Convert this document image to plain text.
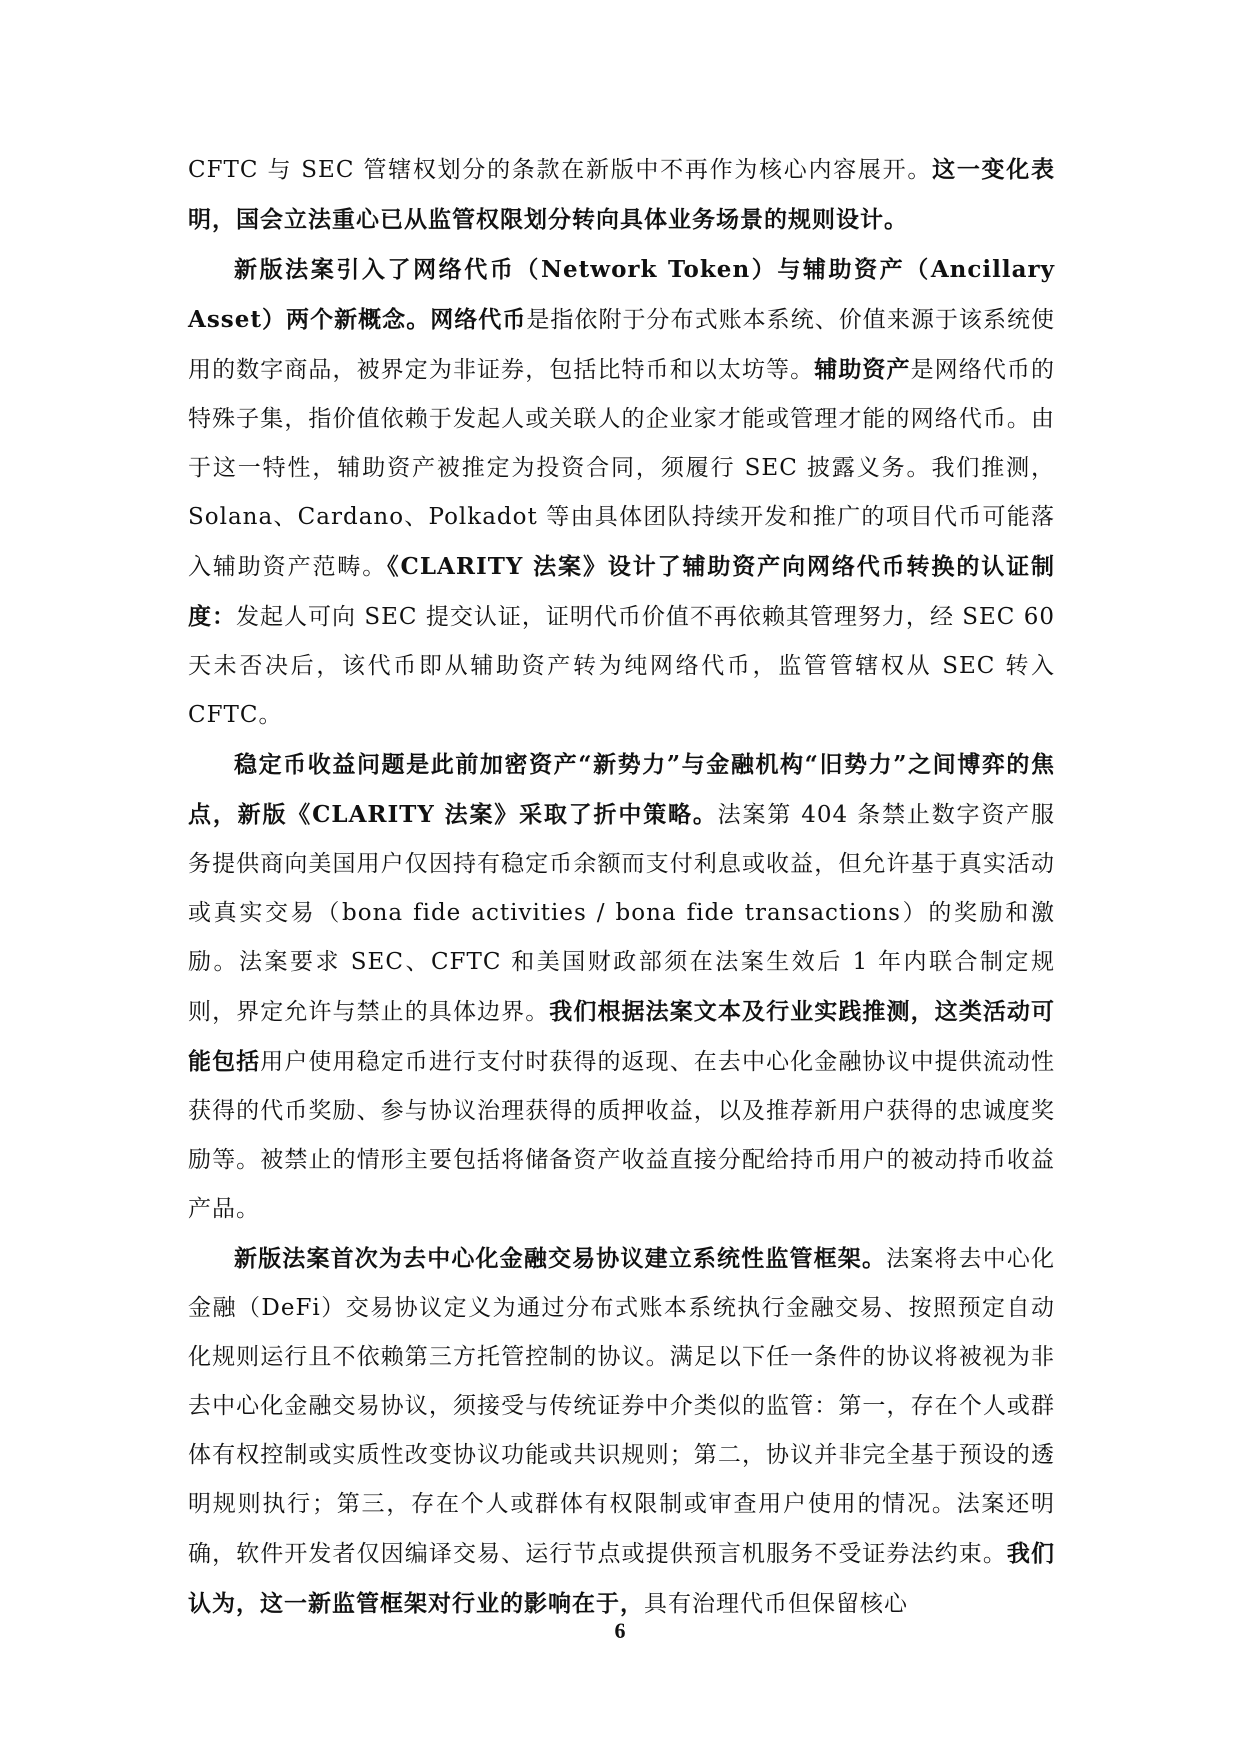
CFTC 与 SEC 管辖权划分的条款在新版中不再作为核心内容展开。这一变化表明，国会立法重心已从监管权限划分转向具体业务场景的规则设计。

新版法案引入了网络代币（Network Token）与辅助资产（Ancillary Asset）两个新概念。网络代币是指依附于分布式账本系统、价值来源于该系统使用的数字商品，被界定为非证券，包括比特币和以太坊等。辅助资产是网络代币的特殊子集，指价值依赖于发起人或关联人的企业家才能或管理才能的网络代币。由于这一特性，辅助资产被推定为投资合同，须履行 SEC 披露义务。我们推测，Solana、Cardano、Polkadot 等由具体团队持续开发和推广的项目代币可能落入辅助资产范畴。《CLARITY 法案》设计了辅助资产向网络代币转换的认证制度：发起人可向 SEC 提交认证，证明代币价值不再依赖其管理努力，经 SEC 60 天未否决后，该代币即从辅助资产转为纯网络代币，监管管辖权从 SEC 转入 CFTC。

稳定币收益问题是此前加密资产“新势力”与金融机构“旧势力”之间博弈的焦点，新版《CLARITY 法案》采取了折中策略。法案第 404 条禁止数字资产服务提供商向美国用户仅因持有稳定币余额而支付利息或收益，但允许基于真实活动或真实交易（bona fide activities / bona fide transactions）的奖励和激励。法案要求 SEC、CFTC 和美国财政部须在法案生效后 1 年内联合制定规则，界定允许与禁止的具体边界。我们根据法案文本及行业实践推测，这类活动可能包括用户使用稳定币进行支付时获得的返现、在去中心化金融协议中提供流动性获得的代币奖励、参与协议治理获得的质押收益，以及推荐新用户获得的忠诚度奖励等。被禁止的情形主要包括将储备资产收益直接分配给持币用户的被动持币收益产品。

新版法案首次为去中心化金融交易协议建立系统性监管框架。法案将去中心化金融（DeFi）交易协议定义为通过分布式账本系统执行金融交易、按照预定自动化规则运行且不依赖第三方托管控制的协议。满足以下任一条件的协议将被视为非去中心化金融交易协议，须接受与传统证券中介类似的监管：第一，存在个人或群体有权控制或实质性改变协议功能或共识规则；第二，协议并非完全基于预设的透明规则执行；第三，存在个人或群体有权限制或审查用户使用的情况。法案还明确，软件开发者仅因编译交易、运行节点或提供预言机服务不受证券法约束。我们认为，这一新监管框架对行业的影响在于，具有治理代币但保留核心

6
